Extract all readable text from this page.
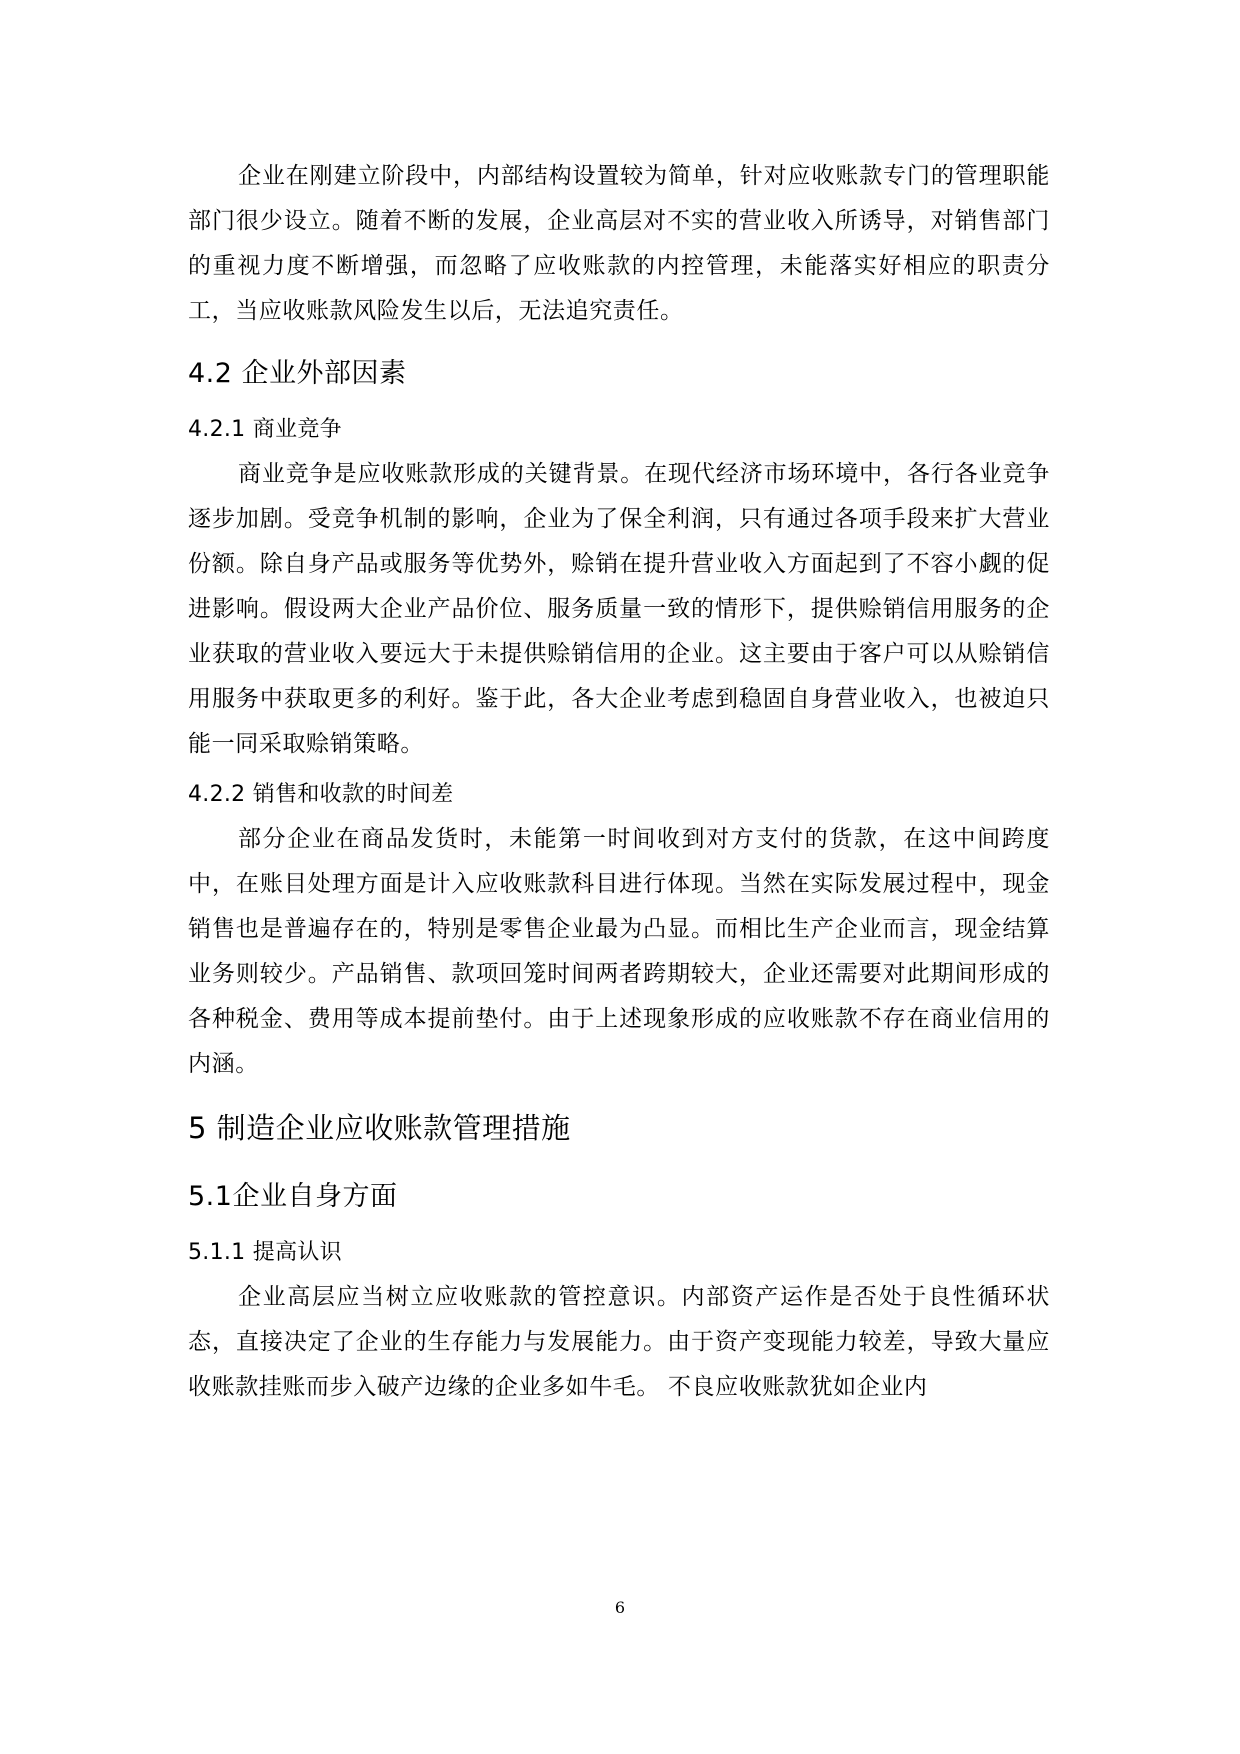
企业在刚建立阶段中，内部结构设置较为简单，针对应收账款专门的管理职能部门很少设立。随着不断的发展，企业高层对不实的营业收入所诱导，对销售部门的重视力度不断增强，而忽略了应收账款的内控管理，未能落实好相应的职责分工，当应收账款风险发生以后，无法追究责任。

4.2 企业外部因素
4.2.1 商业竞争

商业竞争是应收账款形成的关键背景。在现代经济市场环境中，各行各业竞争逐步加剧。受竞争机制的影响，企业为了保全利润，只有通过各项手段来扩大营业份额。除自身产品或服务等优势外，赊销在提升营业收入方面起到了不容小觑的促进影响。假设两大企业产品价位、服务质量一致的情形下，提供赊销信用服务的企业获取的营业收入要远大于未提供赊销信用的企业。这主要由于客户可以从赊销信用服务中获取更多的利好。鉴于此，各大企业考虑到稳固自身营业收入，也被迫只能一同采取赊销策略。

4.2.2 销售和收款的时间差

部分企业在商品发货时，未能第一时间收到对方支付的货款，在这中间跨度中，在账目处理方面是计入应收账款科目进行体现。当然在实际发展过程中，现金销售也是普遍存在的，特别是零售企业最为凸显。而相比生产企业而言，现金结算业务则较少。产品销售、款项回笼时间两者跨期较大，企业还需要对此期间形成的各种税金、费用等成本提前垫付。由于上述现象形成的应收账款不存在商业信用的内涵。

5 制造企业应收账款管理措施
5.1企业自身方面
5.1.1 提高认识

企业高层应当树立应收账款的管控意识。内部资产运作是否处于良性循环状态，直接决定了企业的生存能力与发展能力。由于资产变现能力较差，导致大量应收账款挂账而步入破产边缘的企业多如牛毛。 不良应收账款犹如企业内

6
